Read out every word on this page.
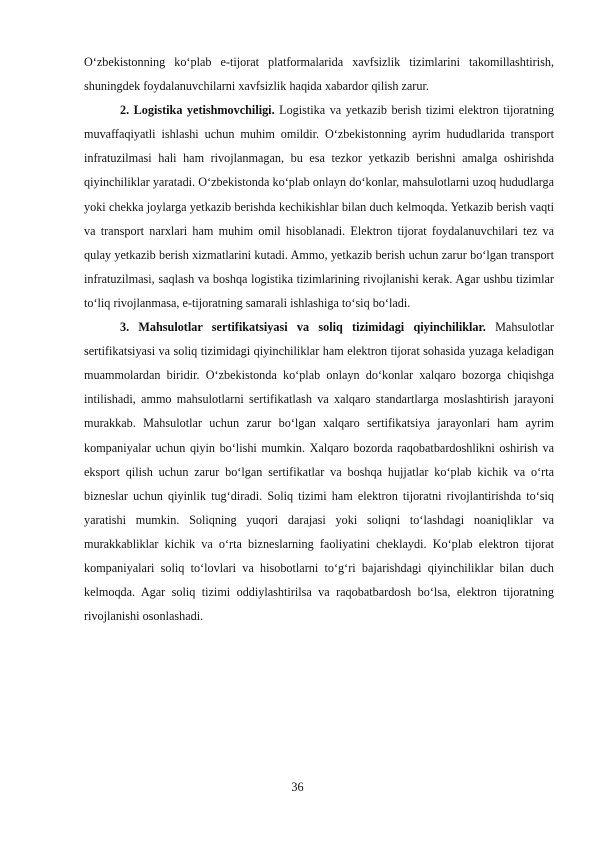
O‘zbekistonning ko‘plab e-tijorat platformalarida xavfsizlik tizimlarini takomillashtirish, shuningdek foydalanuvchilarni xavfsizlik haqida xabardor qilish zarur.

2. Logistika yetishmovchiligi. Logistika va yetkazib berish tizimi elektron tijoratning muvaffaqiyatli ishlashi uchun muhim omildir. O‘zbekistonning ayrim hududlarida transport infratuzilmasi hali ham rivojlanmagan, bu esa tezkor yetkazib berishni amalga oshirishda qiyinchiliklar yaratadi. O‘zbekistonda ko‘plab onlayn do‘konlar, mahsulotlarni uzoq hududlarga yoki chekka joylarga yetkazib berishda kechikishlar bilan duch kelmoqda. Yetkazib berish vaqti va transport narxlari ham muhim omil hisoblanadi. Elektron tijorat foydalanuvchilari tez va qulay yetkazib berish xizmatlarini kutadi. Ammo, yetkazib berish uchun zarur bo‘lgan transport infratuzilmasi, saqlash va boshqa logistika tizimlarining rivojlanishi kerak. Agar ushbu tizimlar to‘liq rivojlanmasa, e-tijoratning samarali ishlashiga to‘siq bo‘ladi.

3. Mahsulotlar sertifikatsiyasi va soliq tizimidagi qiyinchiliklar. Mahsulotlar sertifikatsiyasi va soliq tizimidagi qiyinchiliklar ham elektron tijorat sohasida yuzaga keladigan muammolardan biridir. O‘zbekistonda ko‘plab onlayn do‘konlar xalqaro bozorga chiqishga intilishadi, ammo mahsulotlarni sertifikatlash va xalqaro standartlarga moslashtirish jarayoni murakkab. Mahsulotlar uchun zarur bo‘lgan xalqaro sertifikatsiya jarayonlari ham ayrim kompaniyalar uchun qiyin bo‘lishi mumkin. Xalqaro bozorda raqobatbardoshlikni oshirish va eksport qilish uchun zarur bo‘lgan sertifikatlar va boshqa hujjatlar ko‘plab kichik va o‘rta bizneslar uchun qiyinlik tug‘diradi. Soliq tizimi ham elektron tijoratni rivojlantirishda to‘siq yaratishi mumkin. Soliqning yuqori darajasi yoki soliqni to‘lashdagi noaniqliklar va murakkabliklar kichik va o‘rta bizneslarning faoliyatini cheklaydi. Ko‘plab elektron tijorat kompaniyalari soliq to‘lovlari va hisobotlarni to‘g‘ri bajarishdagi qiyinchiliklar bilan duch kelmoqda. Agar soliq tizimi oddiylashtirilsa va raqobatbardosh bo‘lsa, elektron tijoratning rivojlanishi osonlashadi.

36
